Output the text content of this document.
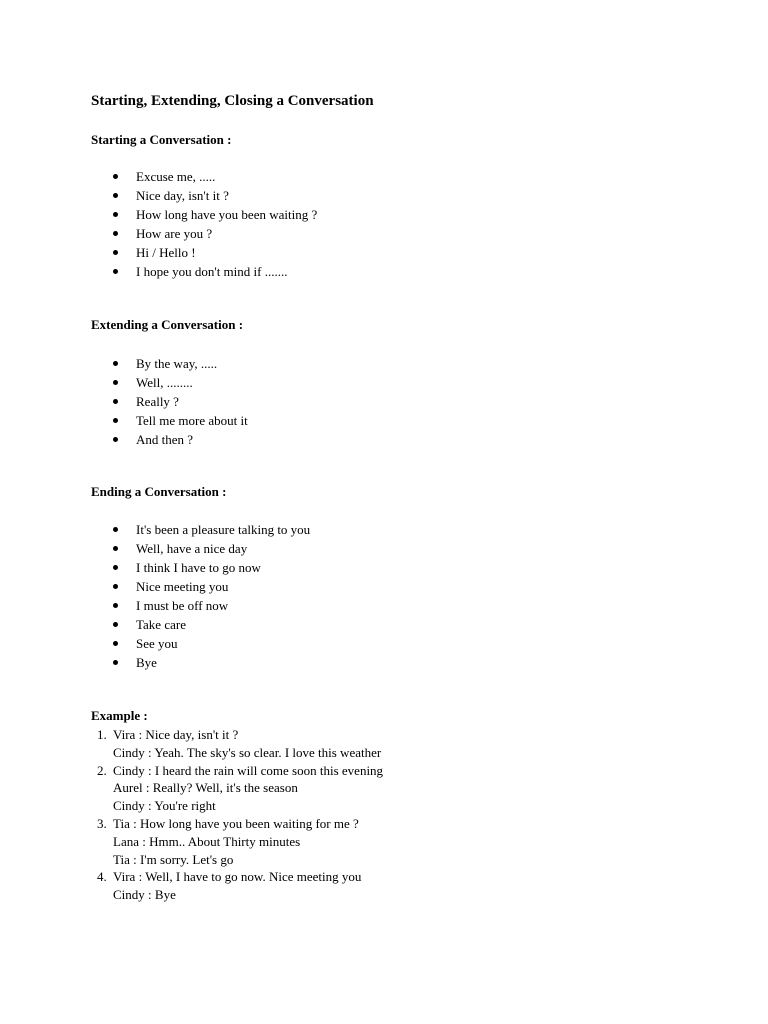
Starting, Extending, Closing a Conversation
Starting a Conversation :
Excuse me, .....
Nice day, isn't it ?
How long have you been waiting ?
How are you ?
Hi / Hello !
I hope you don't mind if .......
Extending a Conversation :
By the way, .....
Well, ........
Really ?
Tell me more about it
And then ?
Ending a Conversation :
It's been a pleasure talking to you
Well, have a nice day
I think I have to go now
Nice meeting you
I must be off now
Take care
See you
Bye
Example :
1. Vira : Nice day, isn't it ?
Cindy : Yeah. The sky's so clear. I love this weather
2. Cindy : I heard the rain will come soon this evening
Aurel : Really? Well, it's the season
Cindy : You're right
3. Tia : How long have you been waiting for me ?
Lana : Hmm.. About Thirty minutes
Tia : I'm sorry. Let's go
4. Vira : Well, I have to go now. Nice meeting you
Cindy : Bye
